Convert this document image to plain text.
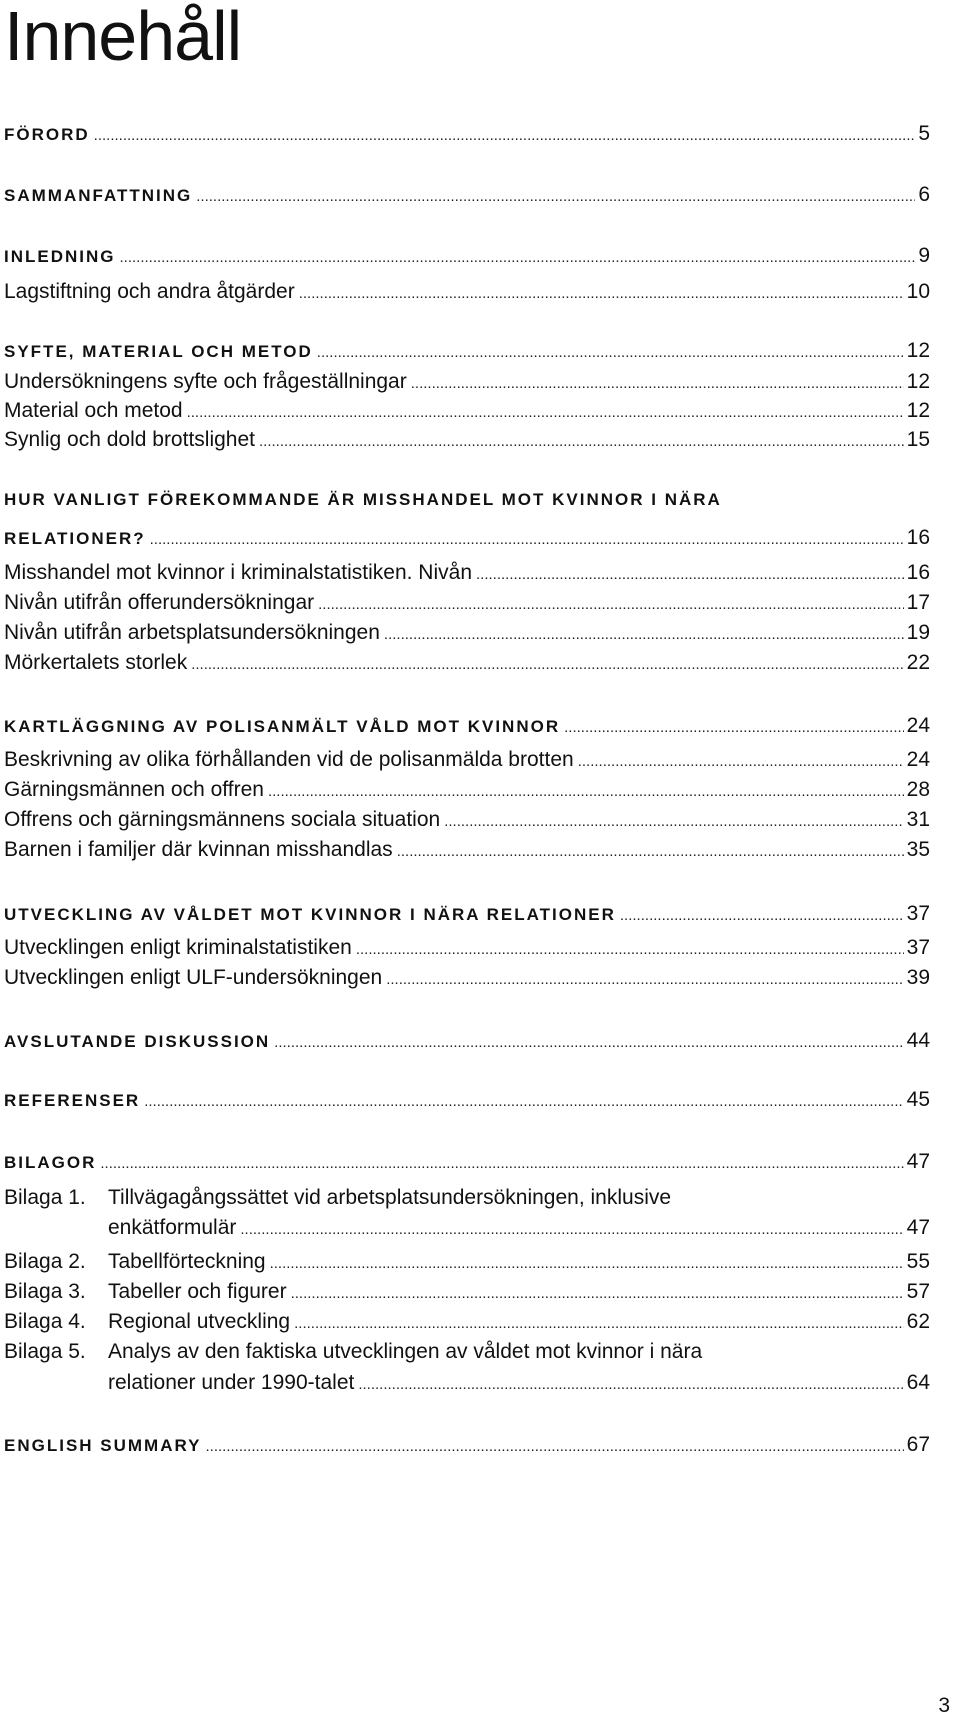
Innehåll
FÖRORD .....	5
SAMMANFATTNING .....	6
INLEDNING .....	9
Lagstiftning och andra åtgärder .....	10
SYFTE, MATERIAL OCH METOD .....	12
Undersökningens syfte och frågeställningar .....	12
Material och metod .....	12
Synlig och dold brottslighet .....	15
HUR VANLIGT FÖREKOMMANDE ÄR MISSHANDEL MOT KVINNOR I NÄRA
RELATIONER? .....	16
Misshandel mot kvinnor i kriminalstatistiken. Nivån .....	16
Nivån utifrån offerundersökningar .....	17
Nivån utifrån arbetsplatsundersökningen .....	19
Mörkertalets storlek .....	22
KARTLÄGGNING AV POLISANMÄLT VÅLD MOT KVINNOR .....	24
Beskrivning av olika förhållanden vid de polisanmälda brotten .....	24
Gärningsmännen och offren .....	28
Offrens och gärningsmännens sociala situation .....	31
Barnen i familjer där kvinnan misshandlas .....	35
UTVECKLING AV VÅLDET MOT KVINNOR I NÄRA RELATIONER .....	37
Utvecklingen enligt kriminalstatistiken .....	37
Utvecklingen enligt ULF-undersökningen .....	39
AVSLUTANDE DISKUSSION .....	44
REFERENSER .....	45
BILAGOR .....	47
Bilaga 1. Tillvägagångssättet vid arbetsplatsundersökningen, inklusive
enkätformulär .....	47
Bilaga 2. Tabellförteckning .....	55
Bilaga 3. Tabeller och figurer .....	57
Bilaga 4. Regional utveckling .....	62
Bilaga 5. Analys av den faktiska utvecklingen av våldet mot kvinnor i nära
relationer under 1990-talet .....	64
ENGLISH SUMMARY .....	67
3
